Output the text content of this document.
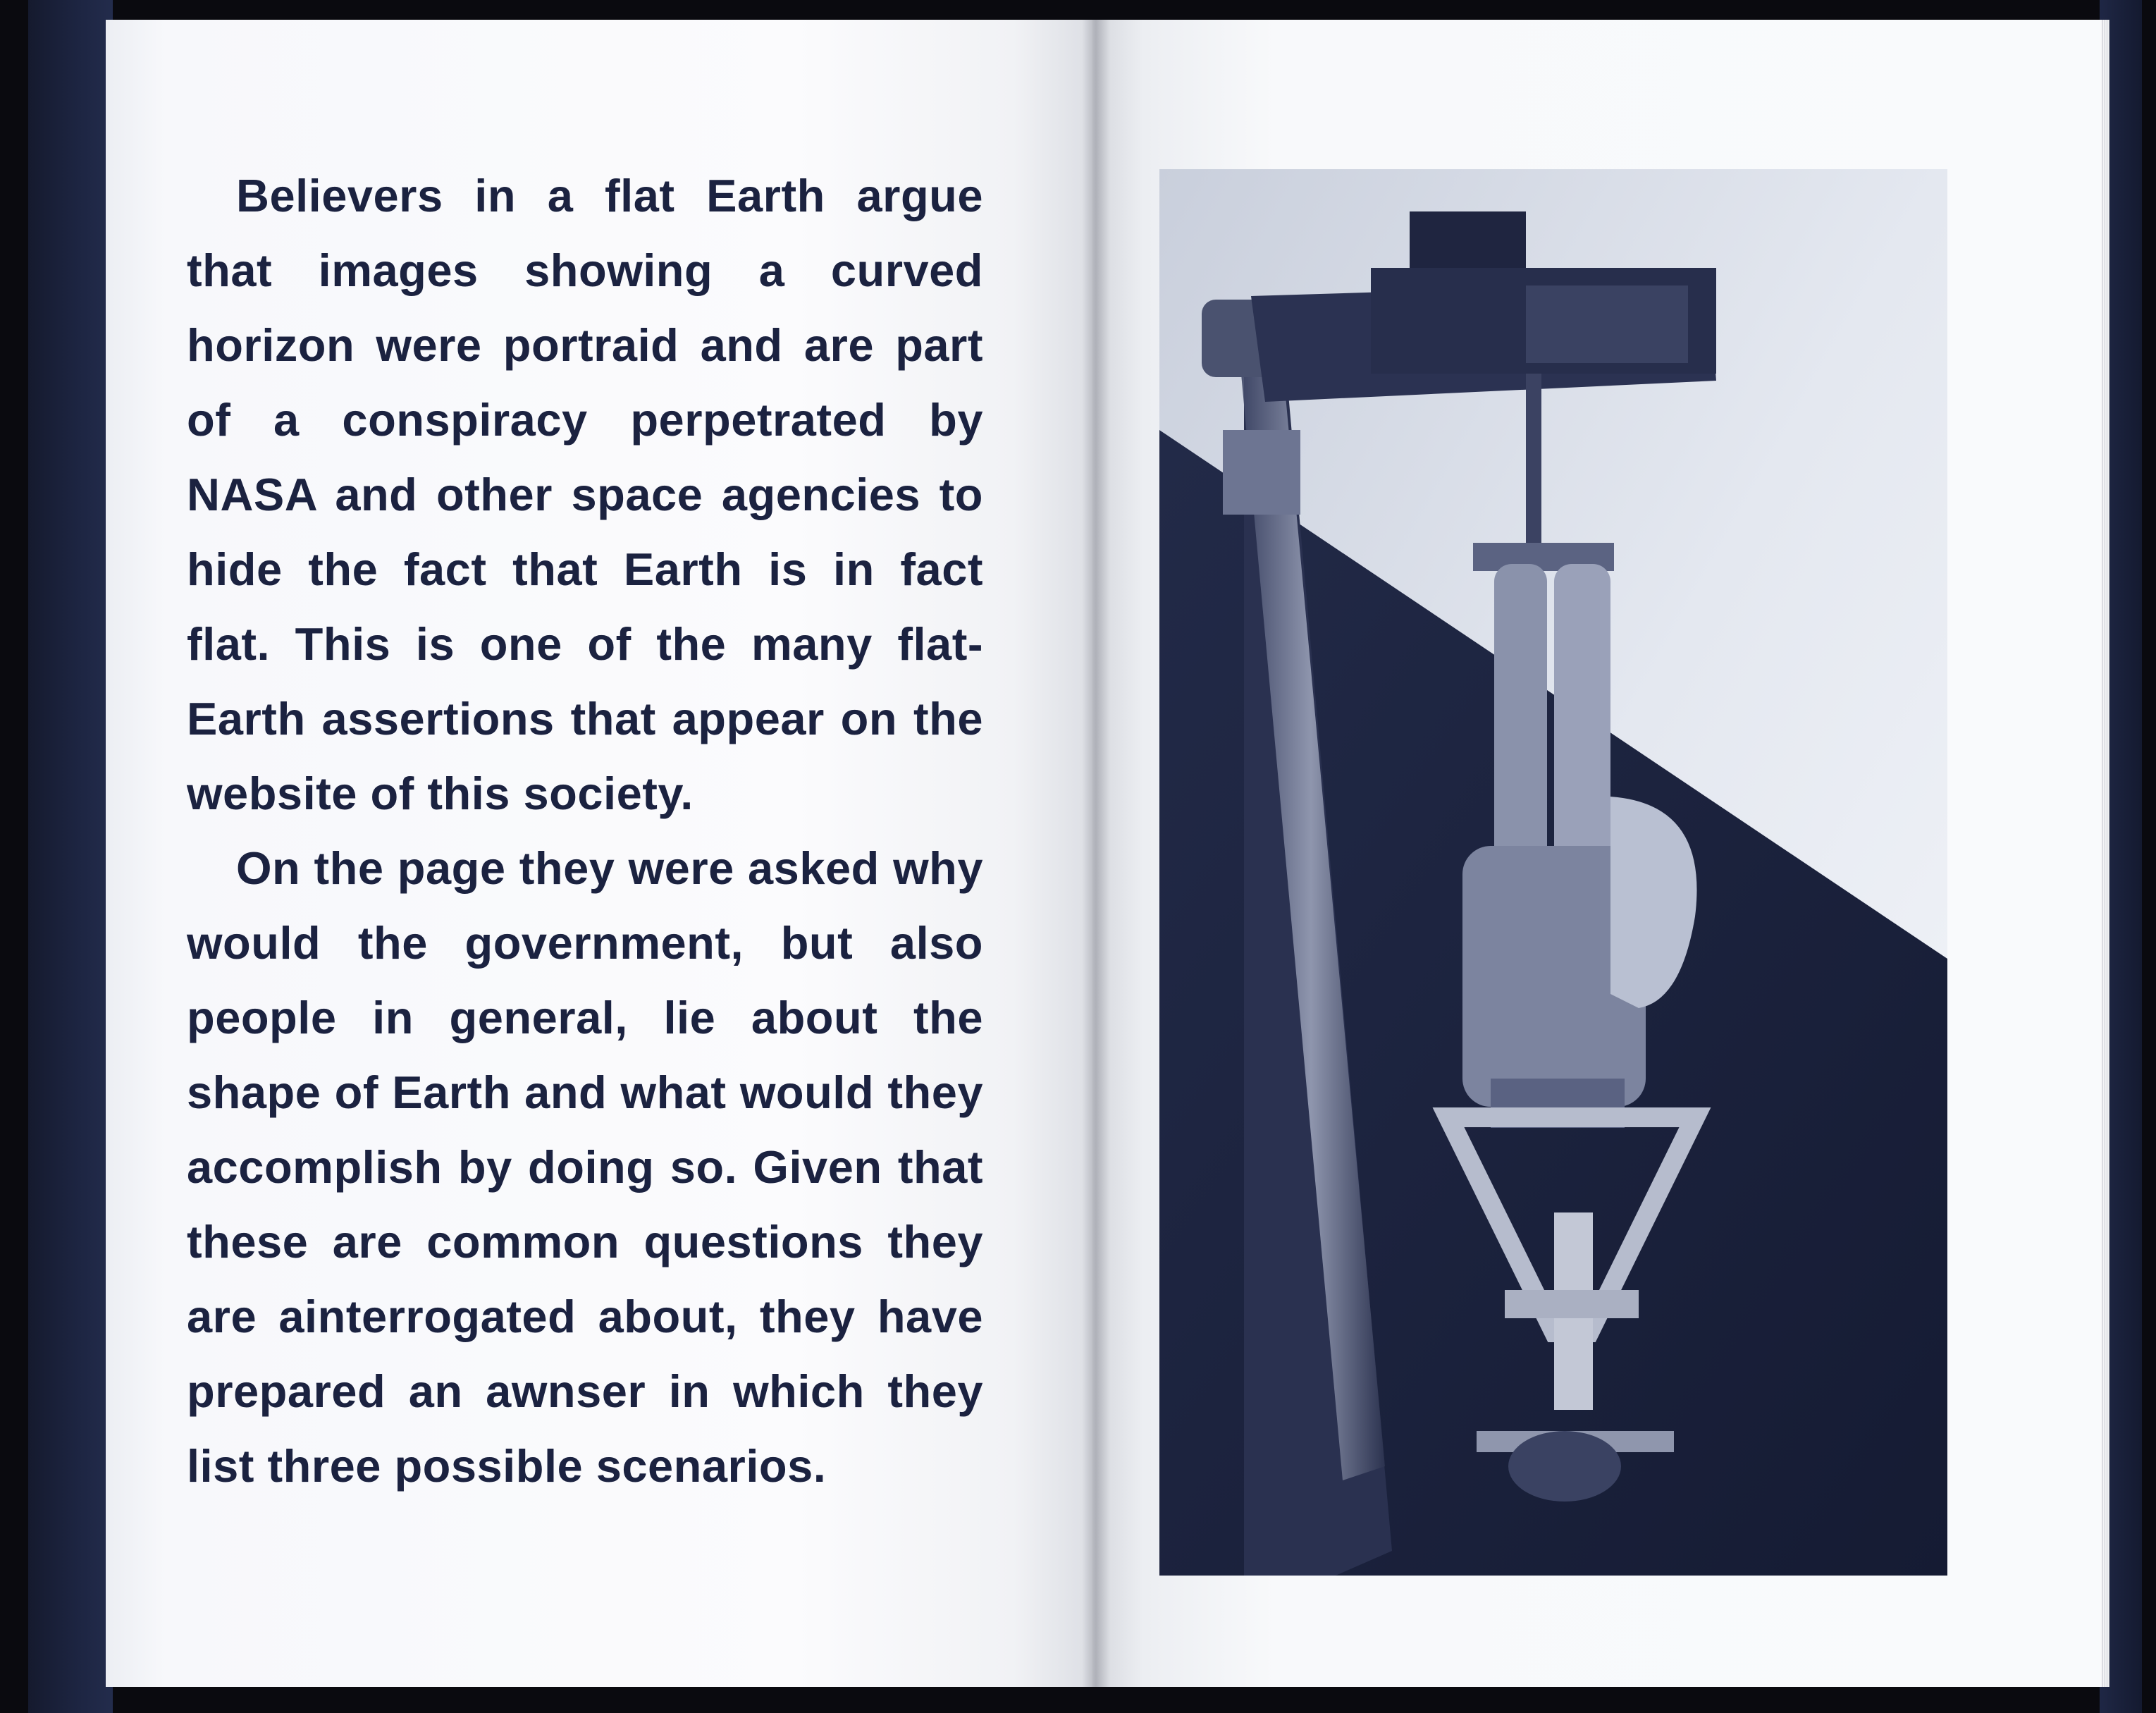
Believers in a flat Earth argue that images showing a curved horizon were portraid and are part of a conspiracy perpetrated by NASA and other space agencies to hide the fact that Earth is in fact flat. This is one of the many flat-Earth assertions that appear on the website of this society.

On the page they were asked why would the government, but also people in general, lie about the shape of Earth and what would they accomplish by doing so. Given that these are common questions they are ainterrogated about, they have prepared an awnser in which they list three possible scenarios.
